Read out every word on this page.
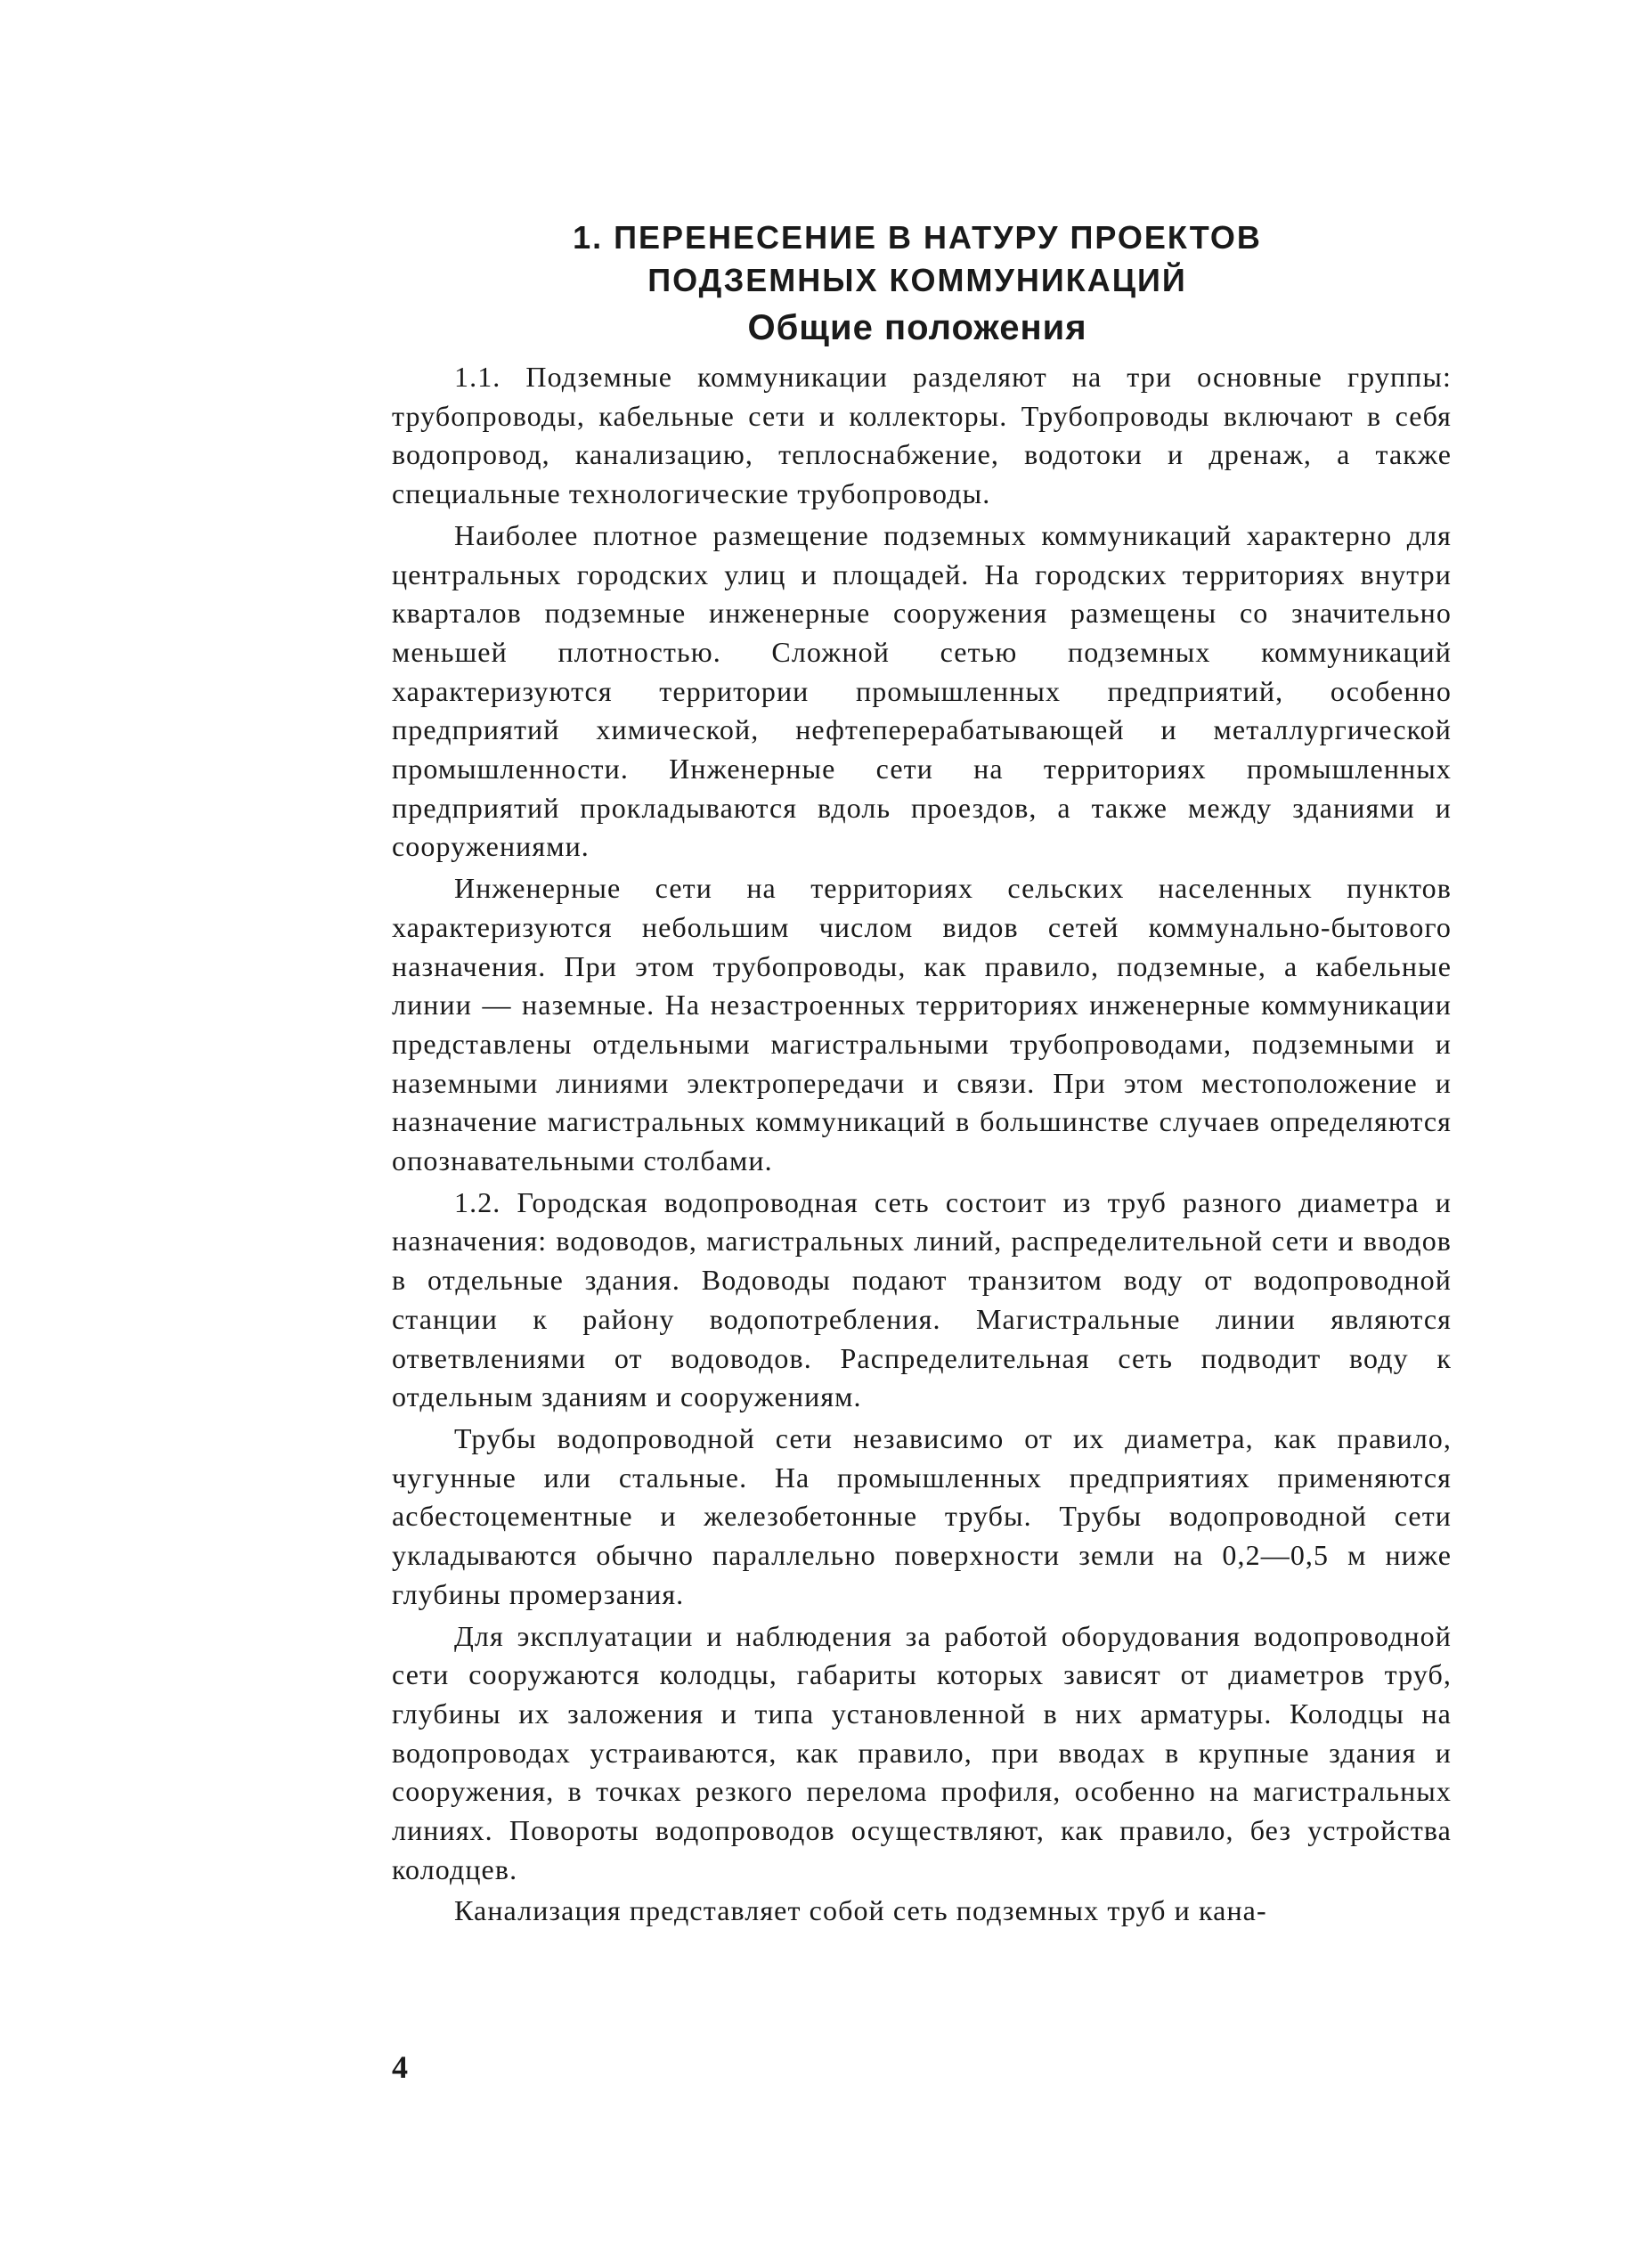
1. ПЕРЕНЕСЕНИЕ В НАТУРУ ПРОЕКТОВ
ПОДЗЕМНЫХ КОММУНИКАЦИЙ
Общие положения

1.1. Подземные коммуникации разделяют на три основные группы: трубопроводы, кабельные сети и коллекторы. Трубопроводы включают в себя водопровод, канализацию, теплоснабжение, водотоки и дренаж, а также специальные технологические трубопроводы.

Наиболее плотное размещение подземных коммуникаций характерно для центральных городских улиц и площадей. На городских территориях внутри кварталов подземные инженерные сооружения размещены со значительно меньшей плотностью. Сложной сетью подземных коммуникаций характеризуются территории промышленных предприятий, особенно предприятий химической, нефтеперерабатывающей и металлургической промышленности. Инженерные сети на территориях промышленных предприятий прокладываются вдоль проездов, а также между зданиями и сооружениями.

Инженерные сети на территориях сельских населенных пунктов характеризуются небольшим числом видов сетей коммунально-бытового назначения. При этом трубопроводы, как правило, подземные, а кабельные линии — наземные. На незастроенных территориях инженерные коммуникации представлены отдельными магистральными трубопроводами, подземными и наземными линиями электропередачи и связи. При этом местоположение и назначение магистральных коммуникаций в большинстве случаев определяются опознавательными столбами.

1.2. Городская водопроводная сеть состоит из труб разного диаметра и назначения: водоводов, магистральных линий, распределительной сети и вводов в отдельные здания. Водоводы подают транзитом воду от водопроводной станции к району водопотребления. Магистральные линии являются ответвлениями от водоводов. Распределительная сеть подводит воду к отдельным зданиям и сооружениям.

Трубы водопроводной сети независимо от их диаметра, как правило, чугунные или стальные. На промышленных предприятиях применяются асбестоцементные и железобетонные трубы. Трубы водопроводной сети укладываются обычно параллельно поверхности земли на 0,2—0,5 м ниже глубины промерзания.

Для эксплуатации и наблюдения за работой оборудования водопроводной сети сооружаются колодцы, габариты которых зависят от диаметров труб, глубины их заложения и типа установленной в них арматуры. Колодцы на водопроводах устраиваются, как правило, при вводах в крупные здания и сооружения, в точках резкого перелома профиля, особенно на магистральных линиях. Повороты водопроводов осуществляют, как правило, без устройства колодцев.

Канализация представляет собой сеть подземных труб и кана-

4
